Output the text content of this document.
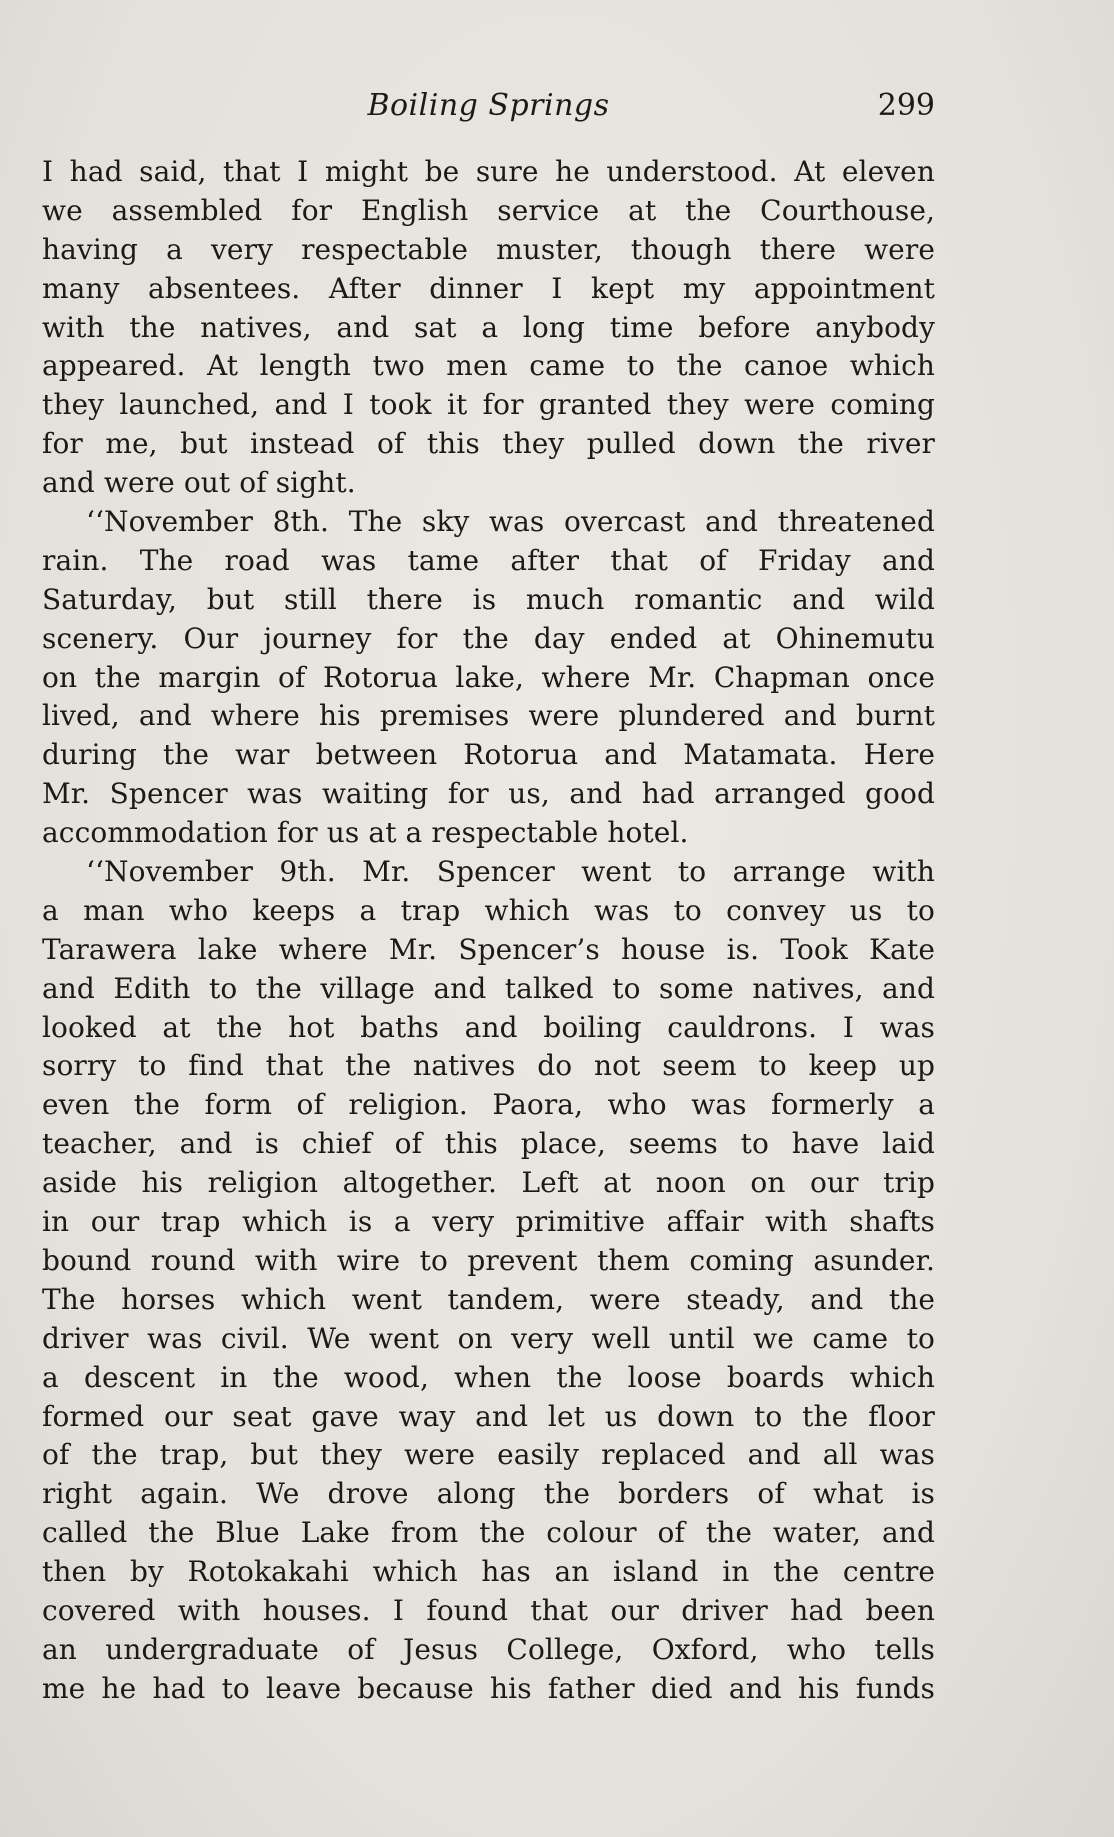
Boiling Springs	299
I had said, that I might be sure he understood. At eleven
we assembled for English service at the Courthouse,
having a very respectable muster, though there were
many absentees. After dinner I kept my appointment
with the natives, and sat a long time before anybody
appeared. At length two men came to the canoe which
they launched, and I took it for granted they were coming
for me, but instead of this they pulled down the river
and were out of sight.
‘‘November 8th. The sky was overcast and threatened
rain. The road was tame after that of Friday and
Saturday, but still there is much romantic and wild
scenery. Our journey for the day ended at Ohinemutu
on the margin of Rotorua lake, where Mr. Chapman once
lived, and where his premises were plundered and burnt
during the war between Rotorua and Matamata. Here
Mr. Spencer was waiting for us, and had arranged good
accommodation for us at a respectable hotel.
‘‘November 9th. Mr. Spencer went to arrange with
a man who keeps a trap which was to convey us to
Tarawera lake where Mr. Spencer’s house is. Took Kate
and Edith to the village and talked to some natives, and
looked at the hot baths and boiling cauldrons. I was
sorry to find that the natives do not seem to keep up
even the form of religion. Paora, who was formerly a
teacher, and is chief of this place, seems to have laid
aside his religion altogether. Left at noon on our trip
in our trap which is a very primitive affair with shafts
bound round with wire to prevent them coming asunder.
The horses which went tandem, were steady, and the
driver was civil. We went on very well until we came to
a descent in the wood, when the loose boards which
formed our seat gave way and let us down to the floor
of the trap, but they were easily replaced and all was
right again. We drove along the borders of what is
called the Blue Lake from the colour of the water, and
then by Rotokakahi which has an island in the centre
covered with houses. I found that our driver had been
an undergraduate of Jesus College, Oxford, who tells
me he had to leave because his father died and his funds
